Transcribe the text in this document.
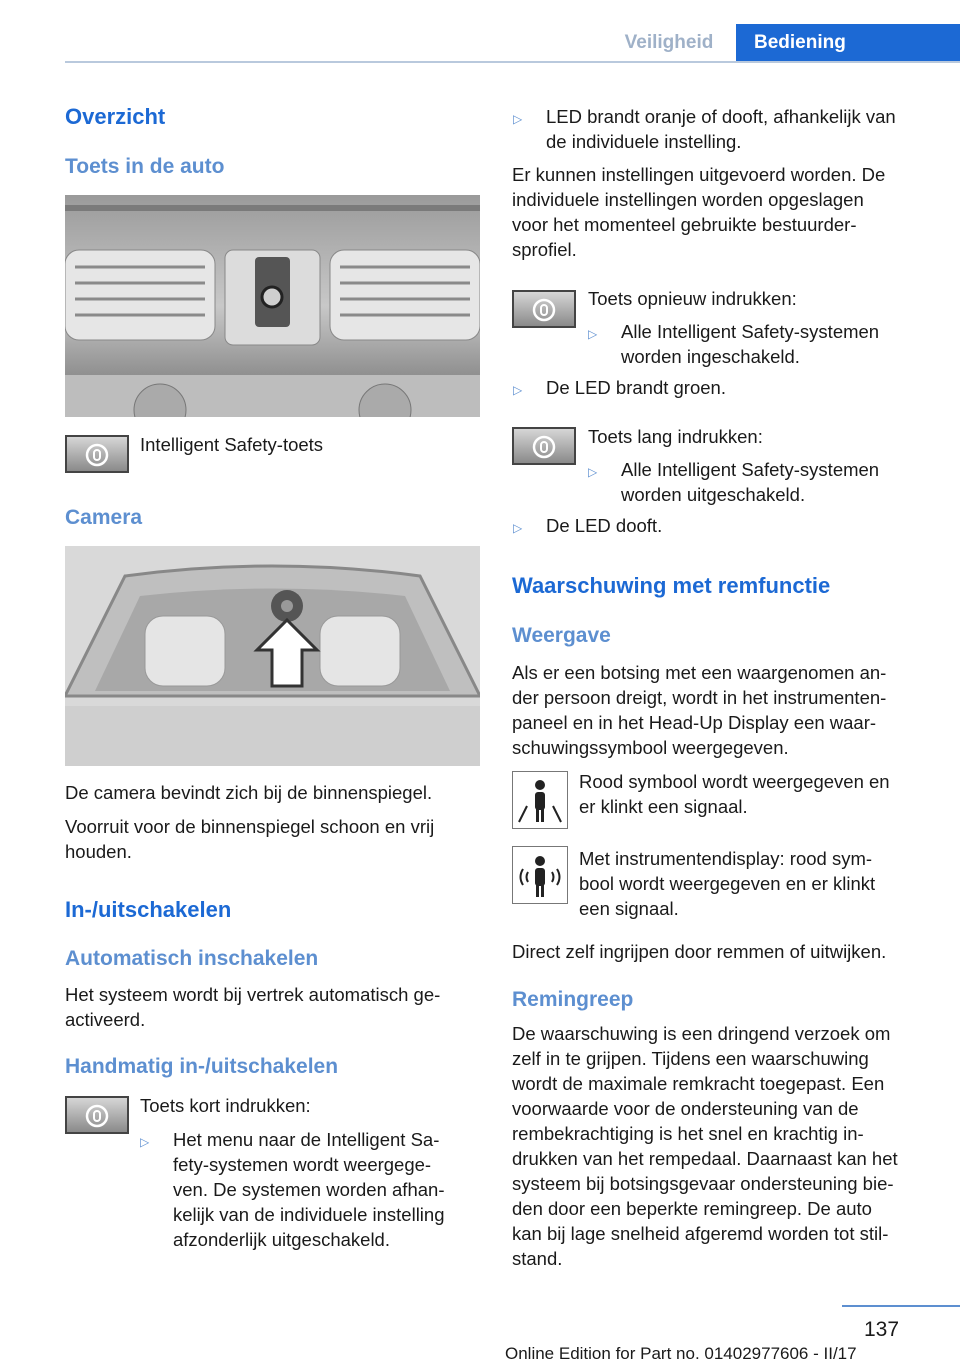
Veiligheid	Bediening
Overzicht
Toets in de auto
Intelligent Safety-toets
Camera
De camera bevindt zich bij de binnenspiegel.
Voorruit voor de binnenspiegel schoon en vrij
houden.
In-/uitschakelen
Automatisch inschakelen
Het systeem wordt bij vertrek automatisch ge‐
activeerd.
Handmatig in-/uitschakelen
Toets kort indrukken:
▷ Het menu naar de Intelligent Sa‐
fety-systemen wordt weergege‐
ven. De systemen worden afhan‐
kelijk van de individuele instelling
afzonderlijk uitgeschakeld.
▷ LED brandt oranje of dooft, afhankelijk van
de individuele instelling.
Er kunnen instellingen uitgevoerd worden. De
individuele instellingen worden opgeslagen
voor het momenteel gebruikte bestuurder‐
sprofiel.
Toets opnieuw indrukken:
▷ Alle Intelligent Safety-systemen
worden ingeschakeld.
▷ De LED brandt groen.
Toets lang indrukken:
▷ Alle Intelligent Safety-systemen
worden uitgeschakeld.
▷ De LED dooft.
Waarschuwing met remfunctie
Weergave
Als er een botsing met een waargenomen an‐
der persoon dreigt, wordt in het instrumenten‐
paneel en in het Head-Up Display een waar‐
schuwingssymbool weergegeven.
Rood symbool wordt weergegeven en
er klinkt een signaal.
Met instrumentendisplay: rood sym‐
bool wordt weergegeven en er klinkt
een signaal.
Direct zelf ingrijpen door remmen of uitwijken.
Remingreep
De waarschuwing is een dringend verzoek om
zelf in te grijpen. Tijdens een waarschuwing
wordt de maximale remkracht toegepast. Een
voorwaarde voor de ondersteuning van de
rembekrachtiging is het snel en krachtig in‐
drukken van het rempedaal. Daarnaast kan het
systeem bij botsingsgevaar ondersteuning bie‐
den door een beperkte remingreep. De auto
kan bij lage snelheid afgeremd worden tot stil‐
stand.
137
Online Edition for Part no. 01402977606 - II/17
